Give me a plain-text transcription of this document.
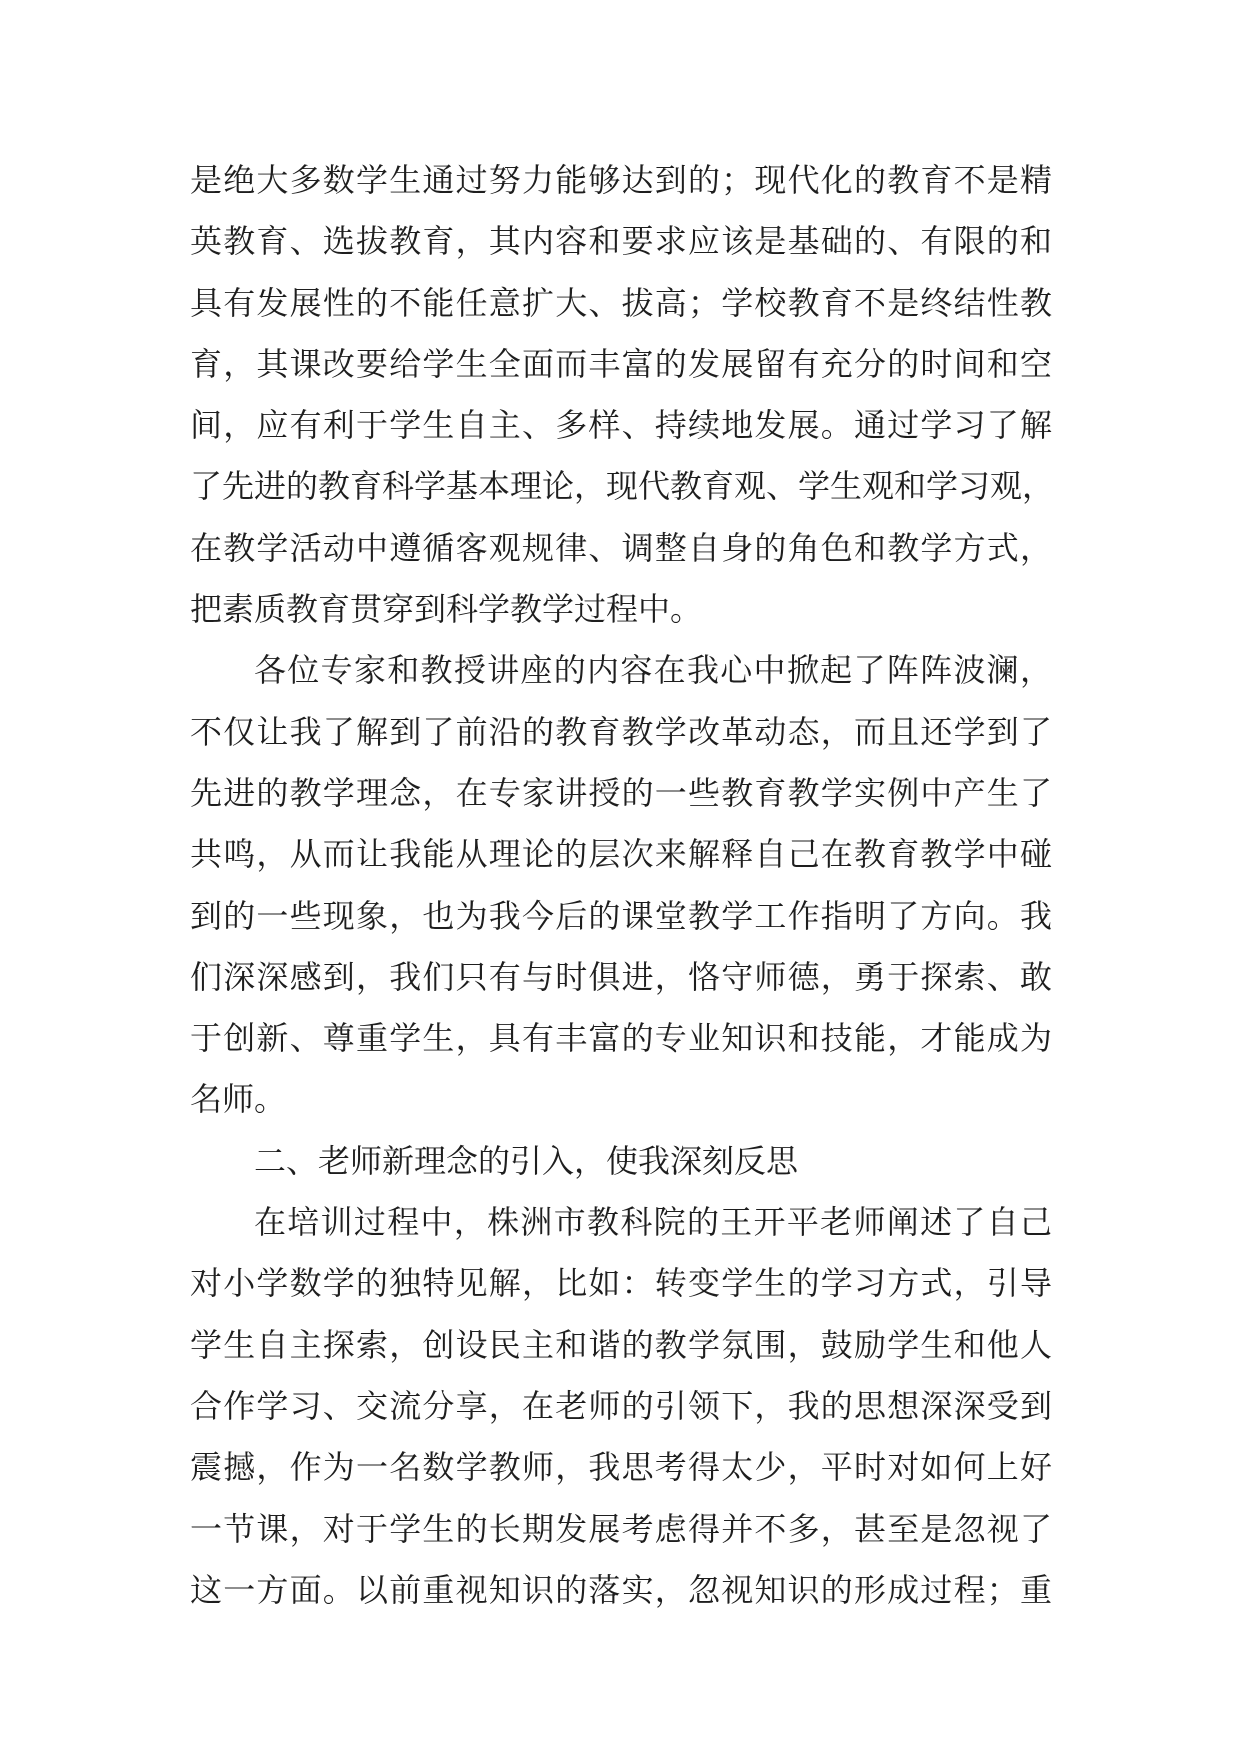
是绝大多数学生通过努力能够达到的；现代化的教育不是精
英教育、选拔教育，其内容和要求应该是基础的、有限的和
具有发展性的不能任意扩大、拔高；学校教育不是终结性教
育，其课改要给学生全面而丰富的发展留有充分的时间和空
间，应有利于学生自主、多样、持续地发展。通过学习了解
了先进的教育科学基本理论，现代教育观、学生观和学习观，
在教学活动中遵循客观规律、调整自身的角色和教学方式，
把素质教育贯穿到科学教学过程中。
各位专家和教授讲座的内容在我心中掀起了阵阵波澜，
不仅让我了解到了前沿的教育教学改革动态，而且还学到了
先进的教学理念，在专家讲授的一些教育教学实例中产生了
共鸣，从而让我能从理论的层次来解释自己在教育教学中碰
到的一些现象，也为我今后的课堂教学工作指明了方向。我
们深深感到，我们只有与时俱进，恪守师德，勇于探索、敢
于创新、尊重学生，具有丰富的专业知识和技能，才能成为
名师。
二、老师新理念的引入，使我深刻反思
在培训过程中，株洲市教科院的王开平老师阐述了自己
对小学数学的独特见解，比如：转变学生的学习方式，引导
学生自主探索，创设民主和谐的教学氛围，鼓励学生和他人
合作学习、交流分享，在老师的引领下，我的思想深深受到
震撼，作为一名数学教师，我思考得太少，平时对如何上好
一节课，对于学生的长期发展考虑得并不多，甚至是忽视了
这一方面。以前重视知识的落实，忽视知识的形成过程；重
